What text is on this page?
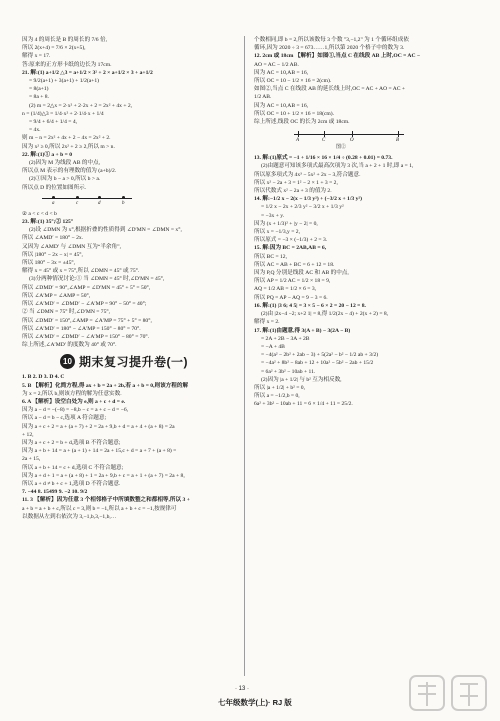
因为 4 的周长是 B 的周长的 7/6 倍,
所以 2(x+4) = 7/6 × 2(x+5),
解得 x = 17.
答:原来的正方形卡纸的边长为 17cm.
21. 解:(1) a+1/2 △3 = a+1/2 × 3² + 2 × a+1/2 × 3 + a+1/2
= 9/2(a+1) + 3(a+1) + 1/2(a+1)
= 8(a+1)
= 8a + 8.
(2) m = 2△x = 2·x² + 2·2x + 2 = 2x² + 4x + 2,
n = (1/4)△3 = 1/4·x² + 2·1/4·x + 1/4
= 9/4 + 6/4 + 1/4 = 4,
= 4x.
则 m − n = 2x² + 4x + 2 − 4x = 2x² + 2.
因为 x² ≥ 0,所以 2x² + 2 ≥ 2,所以 m > n.
22. 解:(1)① a + b = 0
(2)因为 M 为线段 AB 的中点,
所以点 M 表示的有理数的值为 (a+b)/2.
(2)①因为 b − a > 0,所以 b > a.
所以点 D 的位置如图所示.
a	c	d	b
② a < c < d < b
23. 解:(1) 35°;② 125°
(2)设 ∠DMN 为 x°,根据折叠的性质得到 ∠D′MN = ∠DMN = x°,
所以 ∠AMD′ = 180° − 2x.
又因为 ∠AMD′ 与 ∠DMN 互为“半余角”,
所以 |180° − 2x − x| = 45°,
所以 180° − 3x = ±45°,
解得 x = 45° 或 x = 75°,所以 ∠DMN = 45° 或 75°.
(3)分两种情况讨论:① 当 ∠DMN = 45° 时,∠D′MN = 45°,
所以 ∠DMD′ = 90°,∠AMP = ∠D′MN = 45° + 5° = 50°,
所以 ∠A′MP = ∠AMP = 50°,
所以 ∠A′MD′ = ∠DMD′ − ∠A′MP = 90° − 50° = 40°;
② 当 ∠DMN = 75° 时,∠D′MN = 75°,
所以 ∠DMD′ = 150°,∠AMP = ∠A′MP = 75° + 5° = 80°,
所以 ∠A′MD′ = 180° − ∠A′MP = 150° − 80° = 70°.
所以 ∠A′MD′ = ∠DMD′ − ∠A′MP = 150° − 80° = 70°.
综上所述,∠A′MD′ 的度数为 40° 或 70°.
10 期末复习提升卷(一)
1. B 2. D 3. D 4. C
5. B 【解析】化简方程,得 ax + b = 2a + 2b,若 a + b = 0,则该方程的解
为 x = 2,所以 b,则该方程的解为任意实数.
6. A 【解析】设空白处为 e,则 a + c + d = e.
因为 a − d = −(−8) = −8,b − c = a + c − d = −6,
所以 a − d = b − c,选项 A 符合题意;
因为 a + c + 2 = a + (a + 7) + 2 = 2a + 9,b + d = a + 4 + (a + 8) = 2a
+ 12,
因为 a + c + 2 = b + d,选项 B 不符合题意;
因为 a + b + 14 = a + (a + 1) + 14 = 2a + 15,c + d = a + 7 + (a + 8) =
2a + 15,
所以 a + b + 14 = c + d,选项 C 不符合题意;
因为 a + d + 1 = a + (a + 8) + 1 = 2a + 9,b + c = a + 1 + (a + 7) = 2a + 8,
所以 a + d ≠ b + c + 1,选项 D 不符合题意.
7. −44 8. 15499 9. −2 10. 9/2
11. 3 【解析】因为任意 3 个相邻格子中所填数整之和都相等,所以 3 +
a + b = a + b + c,所以 c = 3,则 b = −1,所以 a + b + c = −1,按规律可
以数据从左到右依次为 3,−1,b,3,−1,b,…
个数相同,即 b = 2,所以该数每 3 个数 "3,−1,2" 为 1 个循环组成依
循环,因为 2020 ÷ 3 = 673……1,所以第 2020 个格子中的数为 3.
12. 2cm 或 18cm 【解析】如图①,当点 C 在线段 AB 上时,OC = AC −
AO = AC − 1/2 AB.
因为 AC = 10,AB = 16,
所以 OC = 10 − 1/2 × 16 = 2(cm).
如图②,当点 C 在线段 AB 的延长线上时,OC = AC + AO = AC +
1/2 AB.
因为 AC = 10,AB = 16,
所以 OC = 10 + 1/2 × 16 = 18(cm).
综上所述,线段 OC 的长为 2cm 或 18cm.
A	C	O	B
图②
13. 解:(1)原式 = −1 + 1/16 × 16 × 1/4 ÷ (0.28 + 0.01) = 0.73.
(2)由题意可知该多项式最高次项为 3 次,当 a + 2 + 1 时,即 a = 1,
所以原多项式为 4x³ − 5x² + 2x − 3,符合题意.
所以 x² − 2a + 3 = 1² − 2 × 1 + 3 = 2,
所以代数式 x² − 2a + 3 的值为 2.
14. 解:−1/2 x − 2(x − 1/3 y²) + (−3/2 x + 1/3 y²)
= 1/2 x − 2x + 2/3 y² − 3/2 x + 1/3 y²
= −3x + y.
因为 (x + 1/3)² + |y − 2| = 0,
所以 x = −1/3,y = 2,
所以原式 = −3 × (−1/3) + 2 = 3.
15. 解:因为 BC = 2AB,AB = 6,
所以 BC = 12,
所以 AC = AB + BC = 6 + 12 = 18.
因为 P,Q 分别是线段 AC 和 AB 的中点,
所以 AP = 1/2 AC = 1/2 × 18 = 9,
AQ = 1/2 AB = 1/2 × 6 = 3,
所以 PQ = AP − AQ = 9 − 3 = 6.
16. 解:(1) |3 6; 4 5| = 3 × 5 − 6 × 2 = 20 − 12 = 8.
(2)由 |2x−4 −2; x+2 1| = 8,得 1/2(2x − 4) + 2(x + 2) = 8,
解得 x = 2.
17. 解:(1)由题意,得 3(A + B) − 3(2A − B)
= 2A + 2B − 3A + 2B
= −A + 4B
= −4(a² − 2b² + 2ab − 3) + 5(2a² − b² − 1/2 ab + 3/2)
= −4a² + 8b² − 8ab + 12 + 10a² − 5b² − 2ab + 15/2
= 6a² + 3b² − 10ab + 11.
(2)因为 |a + 1/2| 与 b² 互为相反数,
所以 |a + 1/2| + b² = 0,
所以 a = −1/2,b = 0,
6a² + 3b² − 10ab + 11 = 6 × 1/4 + 11 = 25/2.
· 13 ·
七年级数学(上)· RJ 版
